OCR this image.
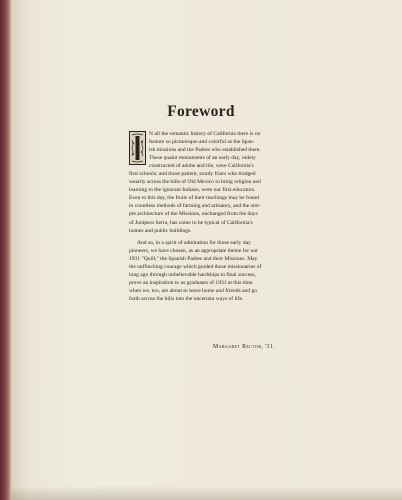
Foreword
N all the romantic history of California there is no
feature so picturesque and colorful as the Span-
ish missions and the Padres who established them.
These quaint monuments of an early day, rudely
constructed of adobe and tile, were California's
first schools; and those patient, sturdy friars who trudged
wearily across the hills of Old Mexico to bring religion and
learning to the ignorant Indians, were our first educators.
Even to this day, the fruits of their teachings may be found
in countless methods of farming and artisanry, and the sim-
ple architecture of the Missions, unchanged from the days
of Junipero Serra, has come to be typical of California's
homes and public buildings.
And so, in a spirit of admiration for those early day
pioneers, we have chosen, as an appropriate theme for our
1931 "Quill," the Spanish Padres and their Missions. May
the unflinching courage which guided those missionaries of
long ago through unbelievable hardships to final success,
prove an inspiration to us graduates of 1931 at this time
when we, too, are about to leave home and friends and go
forth across the hills into the uncertain ways of life.
Margaret Rector, '31.
